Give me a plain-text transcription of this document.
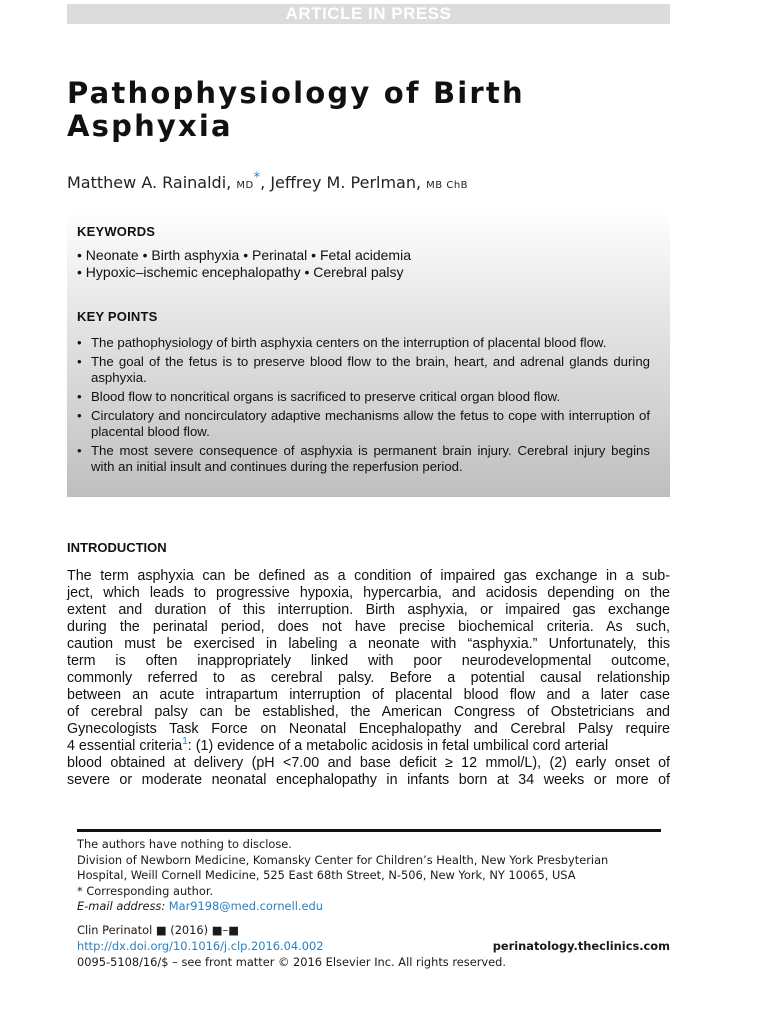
ARTICLE IN PRESS
Pathophysiology of Birth
Asphyxia
Matthew A. Rainaldi, MD*, Jeffrey M. Perlman, MB ChB
KEYWORDS
• Neonate • Birth asphyxia • Perinatal • Fetal acidemia
• Hypoxic–ischemic encephalopathy • Cerebral palsy
KEY POINTS
• The pathophysiology of birth asphyxia centers on the interruption of placental blood flow.
• The goal of the fetus is to preserve blood flow to the brain, heart, and adrenal glands during asphyxia.
• Blood flow to noncritical organs is sacrificed to preserve critical organ blood flow.
• Circulatory and noncirculatory adaptive mechanisms allow the fetus to cope with interruption of placental blood flow.
• The most severe consequence of asphyxia is permanent brain injury. Cerebral injury begins with an initial insult and continues during the reperfusion period.
INTRODUCTION
The term asphyxia can be defined as a condition of impaired gas exchange in a sub-
ject, which leads to progressive hypoxia, hypercarbia, and acidosis depending on the
extent and duration of this interruption. Birth asphyxia, or impaired gas exchange
during the perinatal period, does not have precise biochemical criteria. As such,
caution must be exercised in labeling a neonate with “asphyxia.” Unfortunately, this
term is often inappropriately linked with poor neurodevelopmental outcome,
commonly referred to as cerebral palsy. Before a potential causal relationship
between an acute intrapartum interruption of placental blood flow and a later case
of cerebral palsy can be established, the American Congress of Obstetricians and
Gynecologists Task Force on Neonatal Encephalopathy and Cerebral Palsy require
4 essential criteria$^1$: (1) evidence of a metabolic acidosis in fetal umbilical cord arterial
blood obtained at delivery (pH <7.00 and base deficit ≥ 12 mmol/L), (2) early onset of
severe or moderate neonatal encephalopathy in infants born at 34 weeks or more of
The authors have nothing to disclose.
Division of Newborn Medicine, Komansky Center for Children’s Health, New York Presbyterian
Hospital, Weill Cornell Medicine, 525 East 68th Street, N-506, New York, NY 10065, USA
* Corresponding author.
E-mail address: Mar9198@med.cornell.edu
Clin Perinatol ■ (2016) ■–■
http://dx.doi.org/10.1016/j.clp.2016.04.002	perinatology.theclinics.com
0095-5108/16/$ – see front matter © 2016 Elsevier Inc. All rights reserved.
